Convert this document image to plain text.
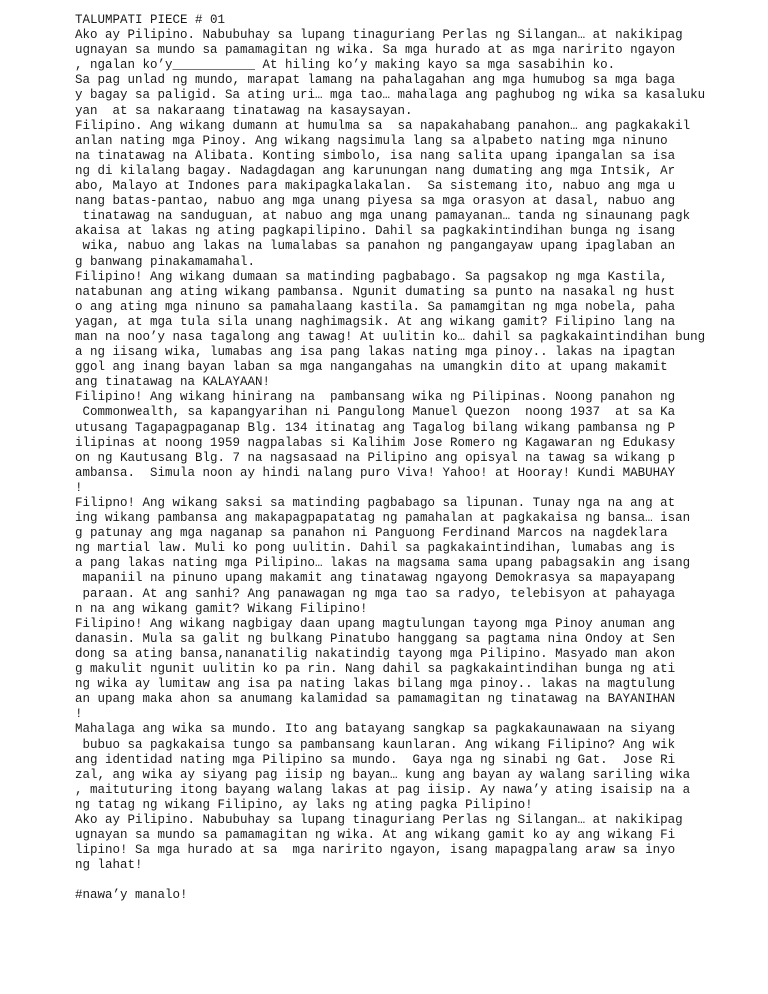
TALUMPATI PIECE # 01
Ako ay Pilipino. Nabubuhay sa lupang tinaguriang Perlas ng Silangan… at nakikipag
ugnayan sa mundo sa pamamagitan ng wika. Sa mga hurado at as mga naririto ngayon
, ngalan ko’y___________ At hiling ko’y making kayo sa mga sasabihin ko.
Sa pag unlad ng mundo, marapat lamang na pahalagahan ang mga humubog sa mga baga
y bagay sa paligid. Sa ating uri… mga tao… mahalaga ang paghubog ng wika sa kasaluku
yan  at sa nakaraang tinatawag na kasaysayan.
Filipino. Ang wikang dumann at humulma sa  sa napakahabang panahon… ang pagkakakil
anlan nating mga Pinoy. Ang wikang nagsimula lang sa alpabeto nating mga ninuno
na tinatawag na Alibata. Konting simbolo, isa nang salita upang ipangalan sa isa
ng di kilalang bagay. Nadagdagan ang karunungan nang dumating ang mga Intsik, Ar
abo, Malayo at Indones para makipagkalakalan.  Sa sistemang ito, nabuo ang mga u
nang batas-pantao, nabuo ang mga unang piyesa sa mga orasyon at dasal, nabuo ang
tinatawag na sanduguan, at nabuo ang mga unang pamayanan… tanda ng sinaunang pagk
akaisa at lakas ng ating pagkapilipino. Dahil sa pagkakintindihan bunga ng isang
wika, nabuo ang lakas na lumalabas sa panahon ng pangangayaw upang ipaglaban an
g banwang pinakamamahal.
Filipino! Ang wikang dumaan sa matinding pagbabago. Sa pagsakop ng mga Kastila,
natabunan ang ating wikang pambansa. Ngunit dumating sa punto na nasakal ng hust
o ang ating mga ninuno sa pamahalaang kastila. Sa pamamgitan ng mga nobela, paha
yagan, at mga tula sila unang naghimagsik. At ang wikang gamit? Filipino lang na
man na noo’y nasa tagalong ang tawag! At uulitin ko… dahil sa pagkakaintindihan bung
a ng iisang wika, lumabas ang isa pang lakas nating mga pinoy.. lakas na ipagtan
ggol ang inang bayan laban sa mga nangangahas na umangkin dito at upang makamit
ang tinatawag na KALAYAAN!
Filipino! Ang wikang hinirang na  pambansang wika ng Pilipinas. Noong panahon ng
Commonwealth, sa kapangyarihan ni Pangulong Manuel Quezon  noong 1937  at sa Ka
utusang Tagapagpaganap Blg. 134 itinatag ang Tagalog bilang wikang pambansa ng P
ilipinas at noong 1959 nagpalabas si Kalihim Jose Romero ng Kagawaran ng Edukasy
on ng Kautusang Blg. 7 na nagsasaad na Pilipino ang opisyal na tawag sa wikang p
ambansa.  Simula noon ay hindi nalang puro Viva! Yahoo! at Hooray! Kundi MABUHAY
!
Filipno! Ang wikang saksi sa matinding pagbabago sa lipunan. Tunay nga na ang at
ing wikang pambansa ang makapagpapatatag ng pamahalan at pagkakaisa ng bansa… isan
g patunay ang mga naganap sa panahon ni Panguong Ferdinand Marcos na nagdeklara
ng martial law. Muli ko pong uulitin. Dahil sa pagkakaintindihan, lumabas ang is
a pang lakas nating mga Pilipino… lakas na magsama sama upang pabagsakin ang isang
mapaniil na pinuno upang makamit ang tinatawag ngayong Demokrasya sa mapayapang
paraan. At ang sanhi? Ang panawagan ng mga tao sa radyo, telebisyon at pahayaga
n na ang wikang gamit? Wikang Filipino!
Filipino! Ang wikang nagbigay daan upang magtulungan tayong mga Pinoy anuman ang
danasin. Mula sa galit ng bulkang Pinatubo hanggang sa pagtama nina Ondoy at Sen
dong sa ating bansa,nananatilig nakatindig tayong mga Pilipino. Masyado man akon
g makulit ngunit uulitin ko pa rin. Nang dahil sa pagkakaintindihan bunga ng ati
ng wika ay lumitaw ang isa pa nating lakas bilang mga pinoy.. lakas na magtulung
an upang maka ahon sa anumang kalamidad sa pamamagitan ng tinatawag na BAYANIHAN
!
Mahalaga ang wika sa mundo. Ito ang batayang sangkap sa pagkakaunawaan na siyang
bubuo sa pagkakaisa tungo sa pambansang kaunlaran. Ang wikang Filipino? Ang wik
ang identidad nating mga Pilipino sa mundo.  Gaya nga ng sinabi ng Gat.  Jose Ri
zal, ang wika ay siyang pag iisip ng bayan… kung ang bayan ay walang sariling wika
, maituturing itong bayang walang lakas at pag iisip. Ay nawa’y ating isaisip na a
ng tatag ng wikang Filipino, ay laks ng ating pagka Pilipino!
Ako ay Pilipino. Nabubuhay sa lupang tinaguriang Perlas ng Silangan… at nakikipag
ugnayan sa mundo sa pamamagitan ng wika. At ang wikang gamit ko ay ang wikang Fi
lipino! Sa mga hurado at sa  mga naririto ngayon, isang mapagpalang araw sa inyo
ng lahat!
#nawa’y manalo!
